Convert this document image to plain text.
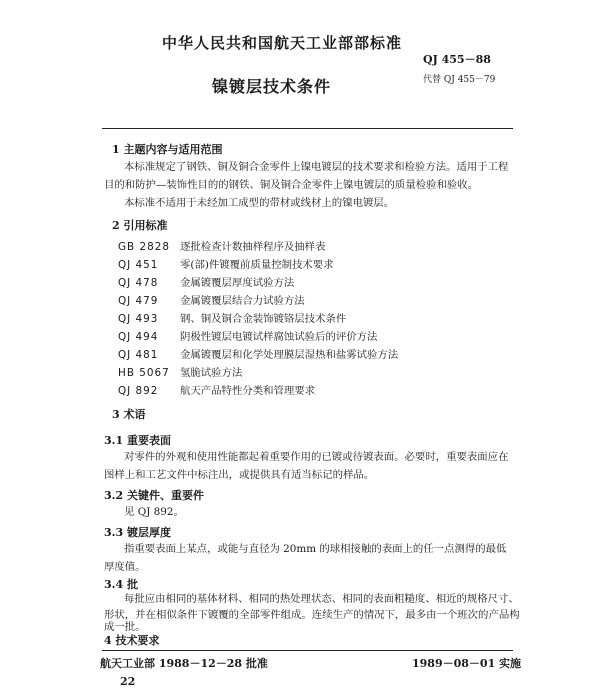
中华人民共和国航天工业部部标准
QJ 455－88
镍镀层技术条件	代替 QJ 455－79
1 主题内容与适用范围
本标准规定了钢铁、铜及铜合金零件上镍电镀层的技术要求和检验方法。适用于工程
目的和防护—装饰性目的的钢铁、铜及铜合金零件上镍电镀层的质量检验和验收。
本标准不适用于未经加工成型的带材或线材上的镍电镀层。
2 引用标准
GB 2828 逐批检查计数抽样程序及抽样表
QJ 451 零(部)件镀覆前质量控制技术要求
QJ 478 金属镀覆层厚度试验方法
QJ 479 金属镀覆层结合力试验方法
QJ 493 钢、铜及铜合金装饰镀铬层技术条件
QJ 494 阴极性镀层电镀试样腐蚀试验后的评价方法
QJ 481 金属镀覆层和化学处理膜层湿热和盐雾试验方法
HB 5067 氢脆试验方法
QJ 892 航天产品特性分类和管理要求
3 术语
3.1 重要表面
对零件的外观和使用性能都起着重要作用的已镀或待镀表面。必要时，重要表面应在
图样上和工艺文件中标注出，或提供具有适当标记的样品。
3.2 关键件、重要件
见 QJ 892。
3.3 镀层厚度
指重要表面上某点，或能与直径为 20mm 的球相接触的表面上的任一点测得的最低
厚度值。
3.4 批
每批应由相同的基体材料、相同的热处理状态、相同的表面粗糙度、相近的规格尺寸、
形状，并在相似条件下镀覆的全部零件组成。连续生产的情况下，最多由一个班次的产品构
成一批。
4 技术要求
航天工业部 1988－12－28 批准	1989－08－01 实施
22
